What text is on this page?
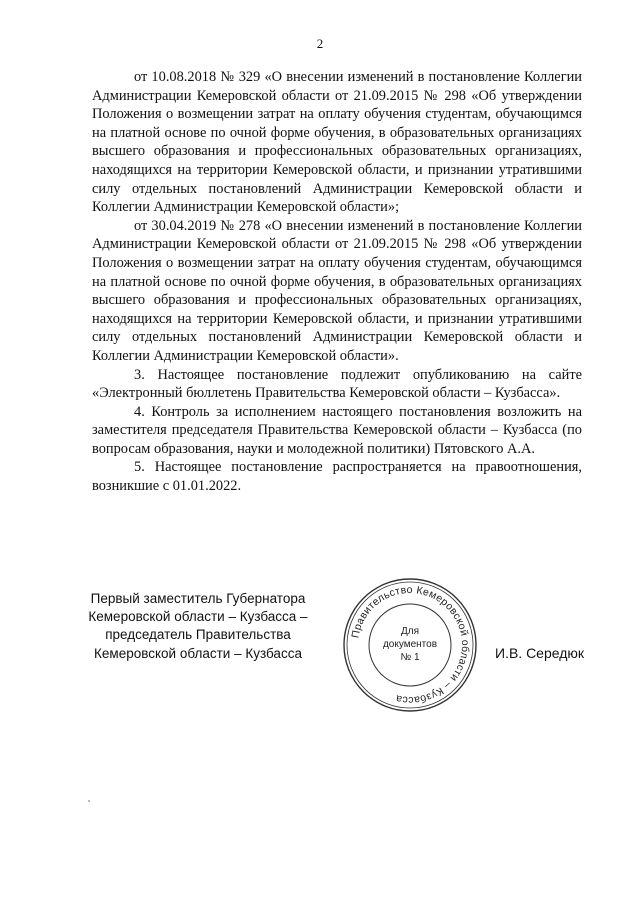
2

от 10.08.2018 № 329 «О внесении изменений в постановление Коллегии Администрации Кемеровской области от 21.09.2015 № 298 «Об утверждении Положения о возмещении затрат на оплату обучения студентам, обучающимся на платной основе по очной форме обучения, в образовательных организациях высшего образования и профессиональных образовательных организациях, находящихся на территории Кемеровской области, и признании утратившими силу отдельных постановлений Администрации Кемеровской области и Коллегии Администрации Кемеровской области»;

от 30.04.2019 № 278 «О внесении изменений в постановление Коллегии Администрации Кемеровской области от 21.09.2015 № 298 «Об утверждении Положения о возмещении затрат на оплату обучения студентам, обучающимся на платной основе по очной форме обучения, в образовательных организациях высшего образования и профессиональных образовательных организациях, находящихся на территории Кемеровской области, и признании утратившими силу отдельных постановлений Администрации Кемеровской области и Коллегии Администрации Кемеровской области».

3. Настоящее постановление подлежит опубликованию на сайте «Электронный бюллетень Правительства Кемеровской области – Кузбасса».

4. Контроль за исполнением настоящего постановления возложить на заместителя председателя Правительства Кемеровской области – Кузбасса (по вопросам образования, науки и молодежной политики) Пятовского А.А.

5. Настоящее постановление распространяется на правоотношения, возникшие с 01.01.2022.

Первый заместитель Губернатора
Кемеровской области – Кузбасса –
председатель Правительства
Кемеровской области – Кузбасса
Правительство Кемеровской области – Кузбасса
Для
документов
№ 1	И.В. Середюк
